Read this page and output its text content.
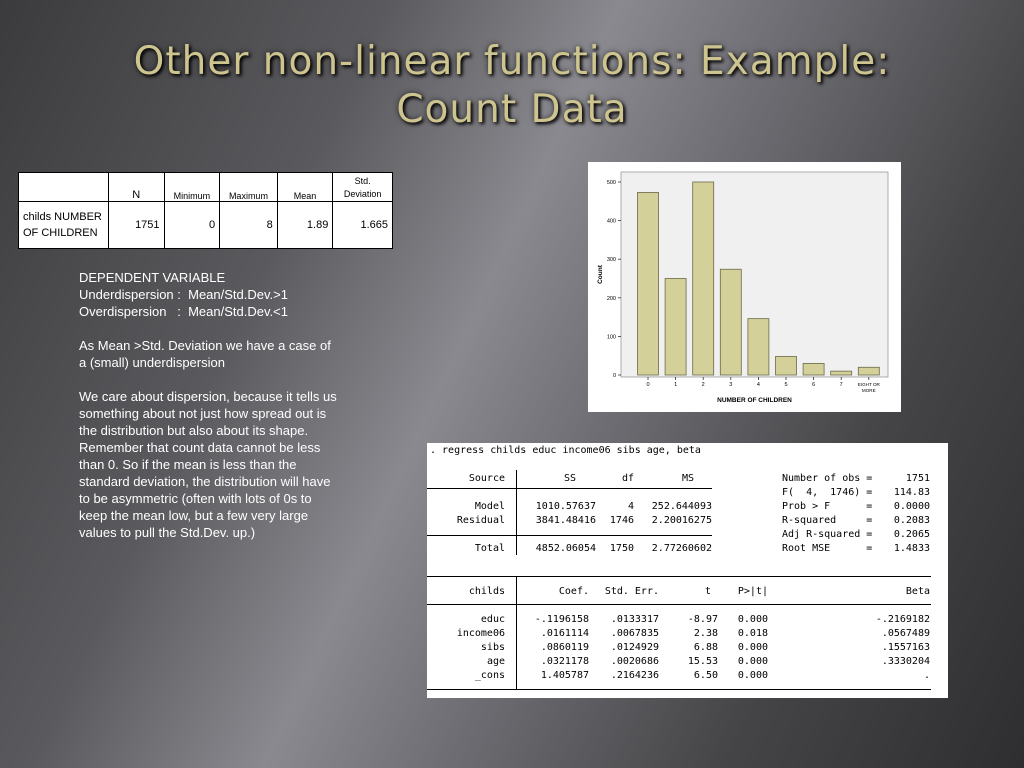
Other non-linear functions: Example:
Count Data
	N	Minimum	Maximum	Mean	Std. Deviation
childs NUMBER OF CHILDREN	1751	0	8	1.89	1.665

DEPENDENT VARIABLE
Underdispersion :  Mean/Std.Dev.>1
Overdispersion   :  Mean/Std.Dev.<1

As Mean >Std. Deviation we have a case of a (small) underdispersion

We care about dispersion, because it tells us something about not just how spread out is the distribution but also about its shape. Remember that count data cannot be less than 0. So if the mean is less than the standard deviation, the distribution will have to be asymmetric (often with lots of 0s to keep the mean low, but a few very large values to pull the Std.Dev. up.)

0
100
200
300
400
500
0	1	2	3	4	5	6	7	EIGHT OR
MORE
NUMBER OF CHILDREN
Count
. regress childs educ income06 sibs age, beta
Source	SS	df	MS
Model	1010.57637	4 252.644093
Residual	3841.48416 1746 2.20016275
Total	4852.06054 1750 2.77260602
Number of obs =	1751
F(  4,  1746) = 114.83
Prob > F      = 0.0000
R-squared     = 0.2083
Adj R-squared = 0.2065
Root MSE      = 1.4833
childs	Coef. Std. Err.	t	P>|t|	Beta
educ	-.1196158 .0133317	-8.97 0.000	-.2169182
income06	.0161114 .0067835	2.38 0.018	.0567489
sibs	.0860119 .0124929	6.88 0.000	.1557163
age	.0321178 .0020686	15.53 0.000	.3330204
_cons	1.405787 .2164236	6.50 0.000	.
